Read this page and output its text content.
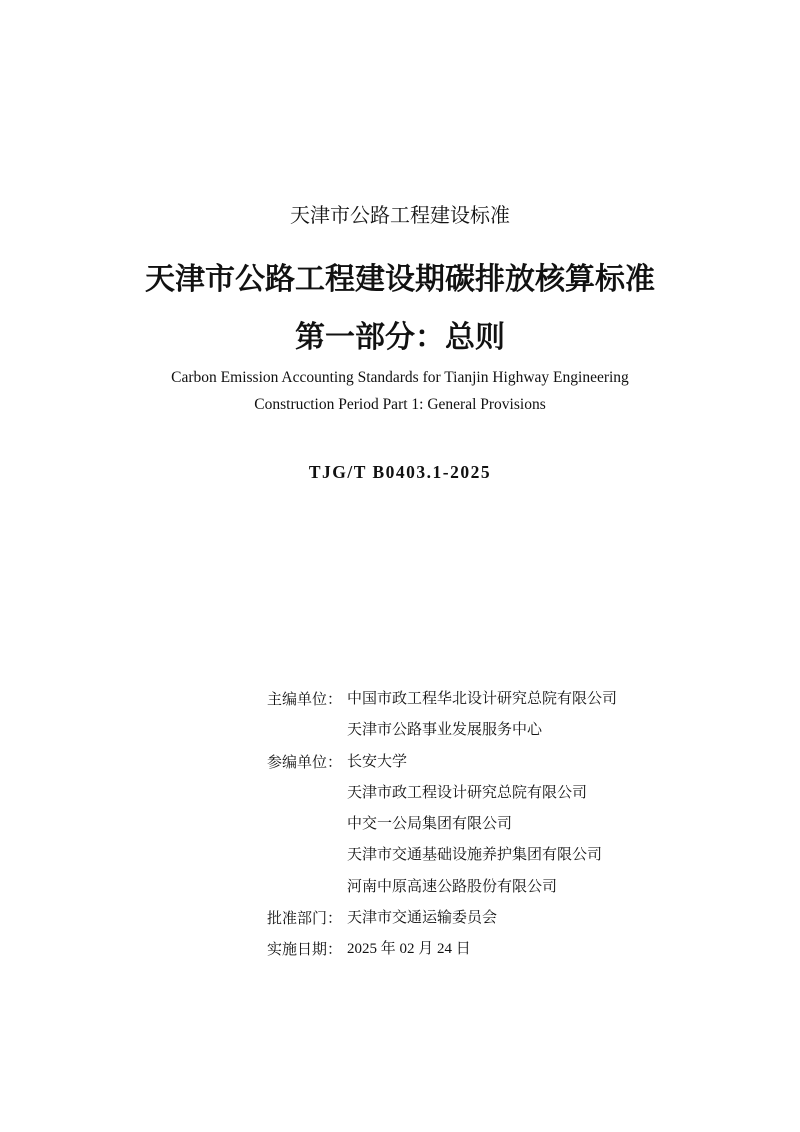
天津市公路工程建设标准
天津市公路工程建设期碳排放核算标准
第一部分：总则
Carbon Emission Accounting Standards for Tianjin Highway Engineering
Construction Period Part 1: General Provisions
TJG/T B0403.1-2025
主编单位： 中国市政工程华北设计研究总院有限公司
天津市公路事业发展服务中心
参编单位： 长安大学
天津市政工程设计研究总院有限公司
中交一公局集团有限公司
天津市交通基础设施养护集团有限公司
河南中原高速公路股份有限公司
批准部门： 天津市交通运输委员会
实施日期： 2025 年 02 月 24 日
